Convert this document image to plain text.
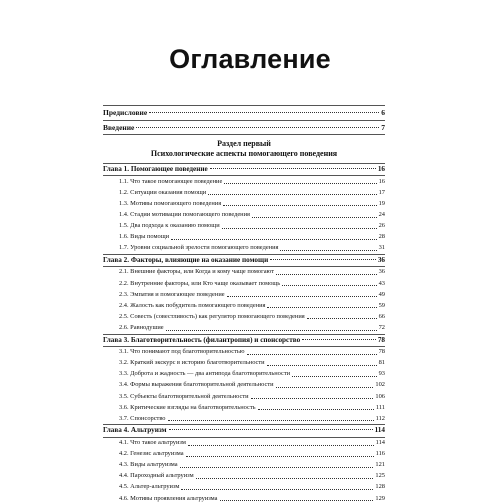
Оглавление
Предисловие	6
Введение	7
Раздел первый
Психологические аспекты помогающего поведения
Глава 1. Помогающее поведение	16
1.1. Что такое помогающее поведение	16
1.2. Ситуации оказания помощи	17
1.3. Мотивы помогающего поведения	19
1.4. Стадии мотивации помогающего поведения	24
1.5. Два подхода к оказанию помощи	26
1.6. Виды помощи	28
1.7. Уровни социальной зрелости помогающего поведения	31
Глава 2. Факторы, влияющие на оказание помощи	36
2.1. Внешние факторы, или Когда и кому чаще помогают	36
2.2. Внутренние факторы, или Кто чаще оказывает помощь	43
2.3. Эмпатия и помогающее поведение	49
2.4. Жалость как побудитель помогающего поведения	59
2.5. Совесть (совестливость) как регулятор помогающего поведения	66
2.6. Равнодушие	72
Глава 3. Благотворительность (филантропия) и спонсорство	78
3.1. Что понимают под благотворительностью	78
3.2. Краткий экскурс в историю благотворительности	81
3.3. Доброта и жадность — два антипода благотворительности	93
3.4. Формы выражения благотворительной деятельности	102
3.5. Субъекты благотворительной деятельности	106
3.6. Критические взгляды на благотворительность	111
3.7. Спонсорство	112
Глава 4. Альтруизм	114
4.1. Что такое альтруизм	114
4.2. Генезис альтруизма	116
4.3. Виды альтруизма	121
4.4. Пароходный альтруизм	125
4.5. Альтер-альтруизм	128
4.6. Мотивы проявления альтруизма	129
